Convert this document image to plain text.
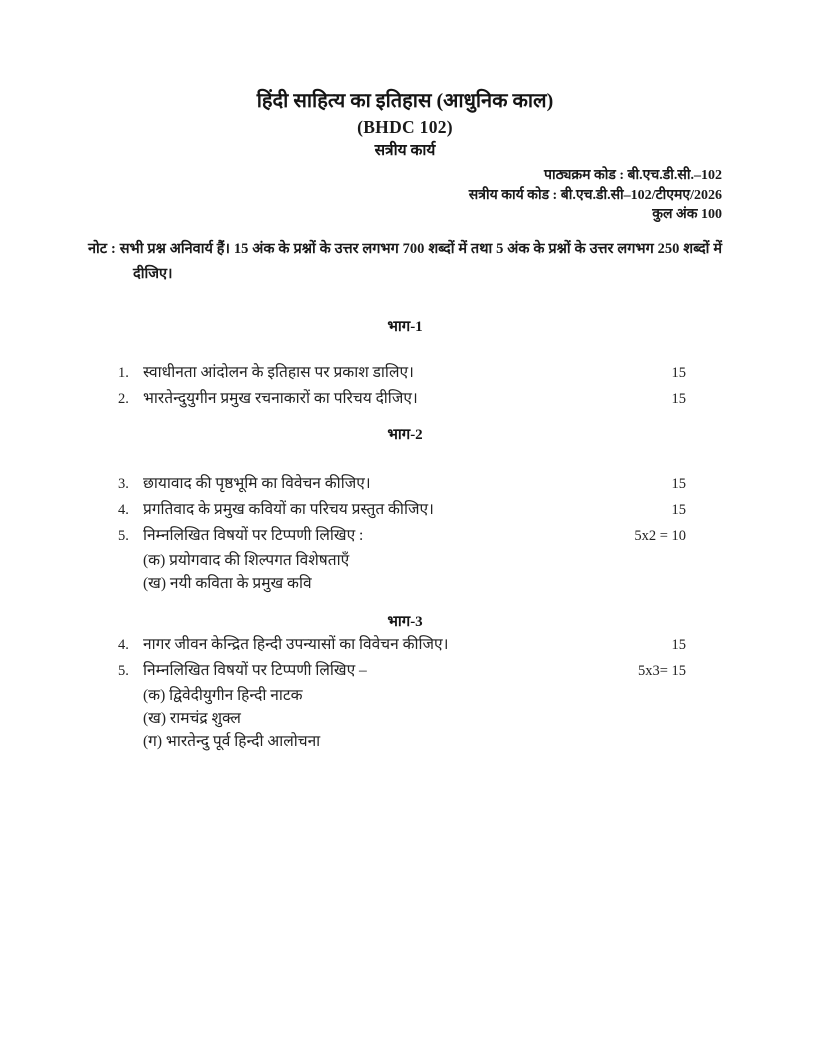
हिंदी साहित्य का इतिहास (आधुनिक काल)
(BHDC 102)
सत्रीय कार्य
पाठ्यक्रम कोड : बी.एच.डी.सी.–102
सत्रीय कार्य कोड : बी.एच.डी.सी–102/टीएमए/2026
कुल अंक 100

नोट : सभी प्रश्न अनिवार्य हैं। 15 अंक के प्रश्नों के उत्तर लगभग 700 शब्दों में तथा 5 अंक के प्रश्नों के उत्तर लगभग 250 शब्दों में दीजिए।

भाग-1
1. स्वाधीनता आंदोलन के इतिहास पर प्रकाश डालिए।	15
2. भारतेन्दुयुगीन प्रमुख रचनाकारों का परिचय दीजिए।	15
भाग-2
3. छायावाद की पृष्ठभूमि का विवेचन कीजिए।	15
4. प्रगतिवाद के प्रमुख कवियों का परिचय प्रस्तुत कीजिए।	15
5. निम्नलिखित विषयों पर टिप्पणी लिखिए :	5x2 = 10
(क) प्रयोगवाद की शिल्पगत विशेषताएँ
(ख) नयी कविता के प्रमुख कवि
भाग-3
4. नागर जीवन केन्द्रित हिन्दी उपन्यासों का विवेचन कीजिए।	15
5. निम्नलिखित विषयों पर टिप्पणी लिखिए –	5x3= 15
(क) द्विवेदीयुगीन हिन्दी नाटक
(ख) रामचंद्र शुक्ल
(ग) भारतेन्दु पूर्व हिन्दी आलोचना
